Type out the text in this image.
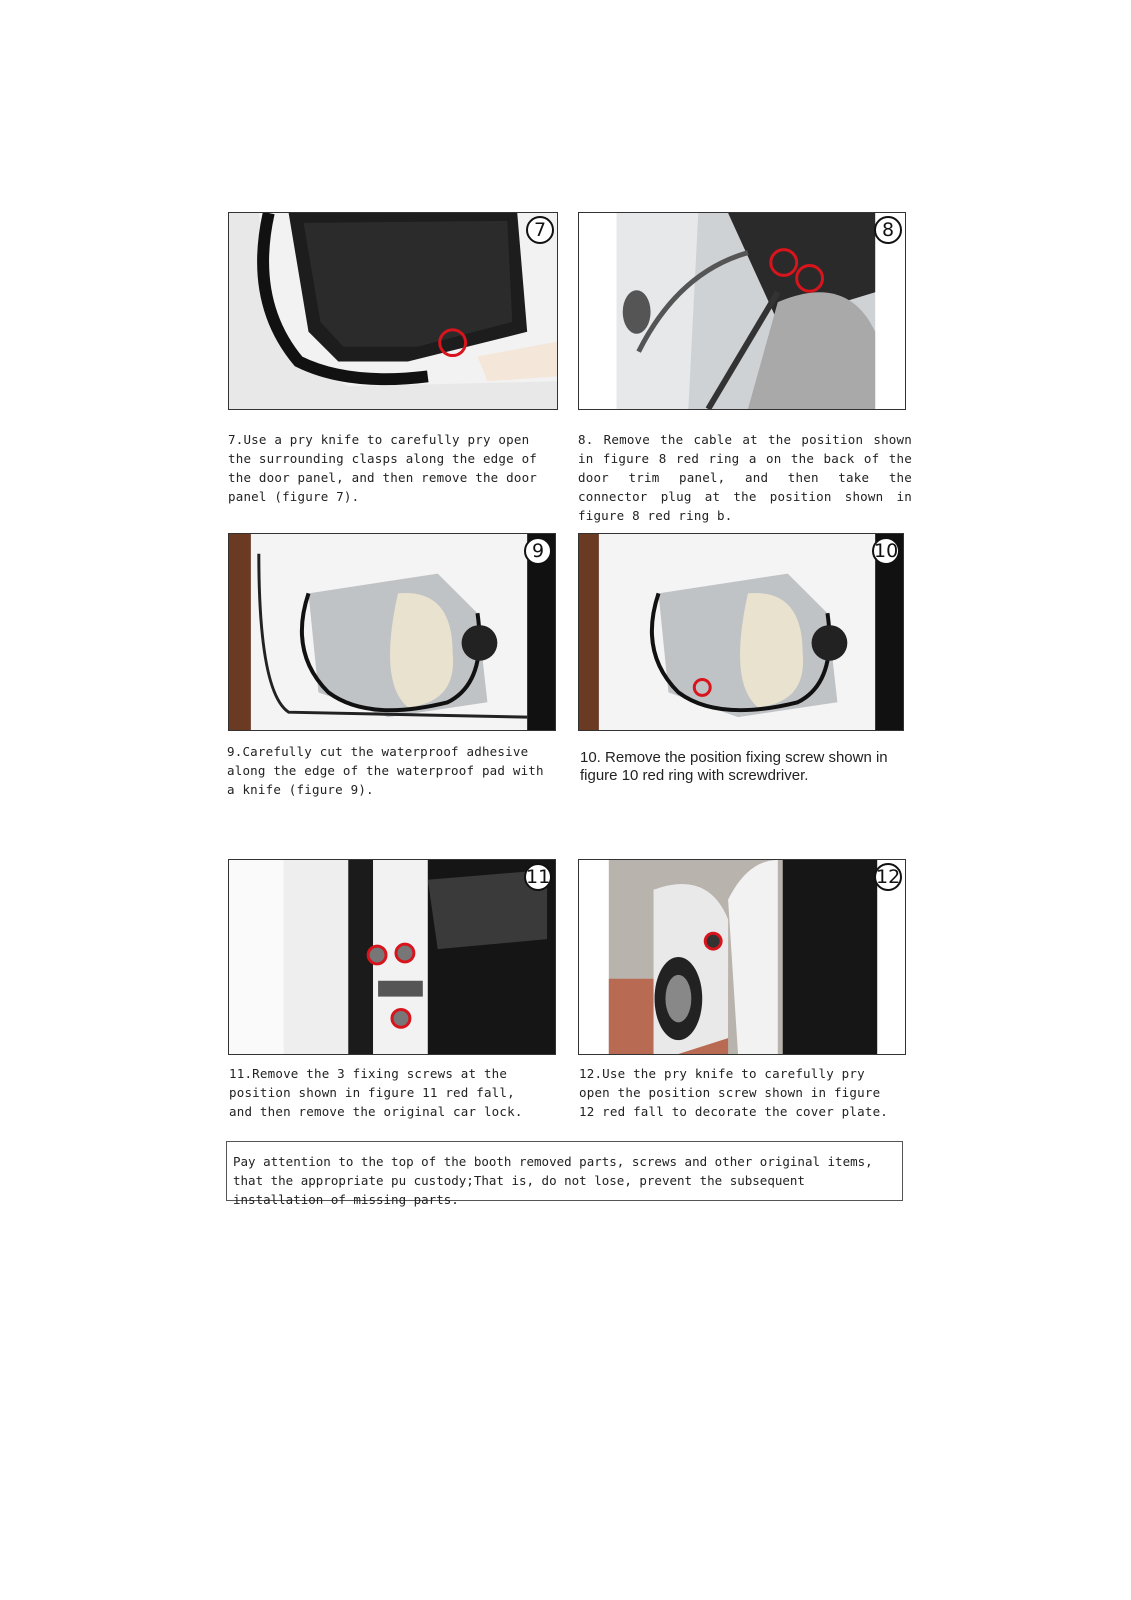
7
7.Use a pry knife to carefully pry open the surrounding clasps along the edge of the door panel, and then remove the door panel (figure 7).
8
8. Remove the cable at the position shown in figure 8 red ring a on the back of the door trim panel, and then take the connector plug at the position shown in figure 8 red ring b.
9
9.Carefully cut the waterproof adhesive along the edge of the waterproof pad with a knife (figure 9).
10
10. Remove the position fixing screw shown in figure 10 red ring with screwdriver.
11
11.Remove the 3 fixing screws at the position shown in figure 11 red fall, and then remove the original car lock.
12
12.Use the pry knife to carefully pry open the position screw shown in figure 12 red fall to decorate the cover plate.
Pay attention to the top of the booth removed parts, screws and other original items, that the appropriate pu custody;That is, do not lose, prevent the subsequent installation of missing parts.
